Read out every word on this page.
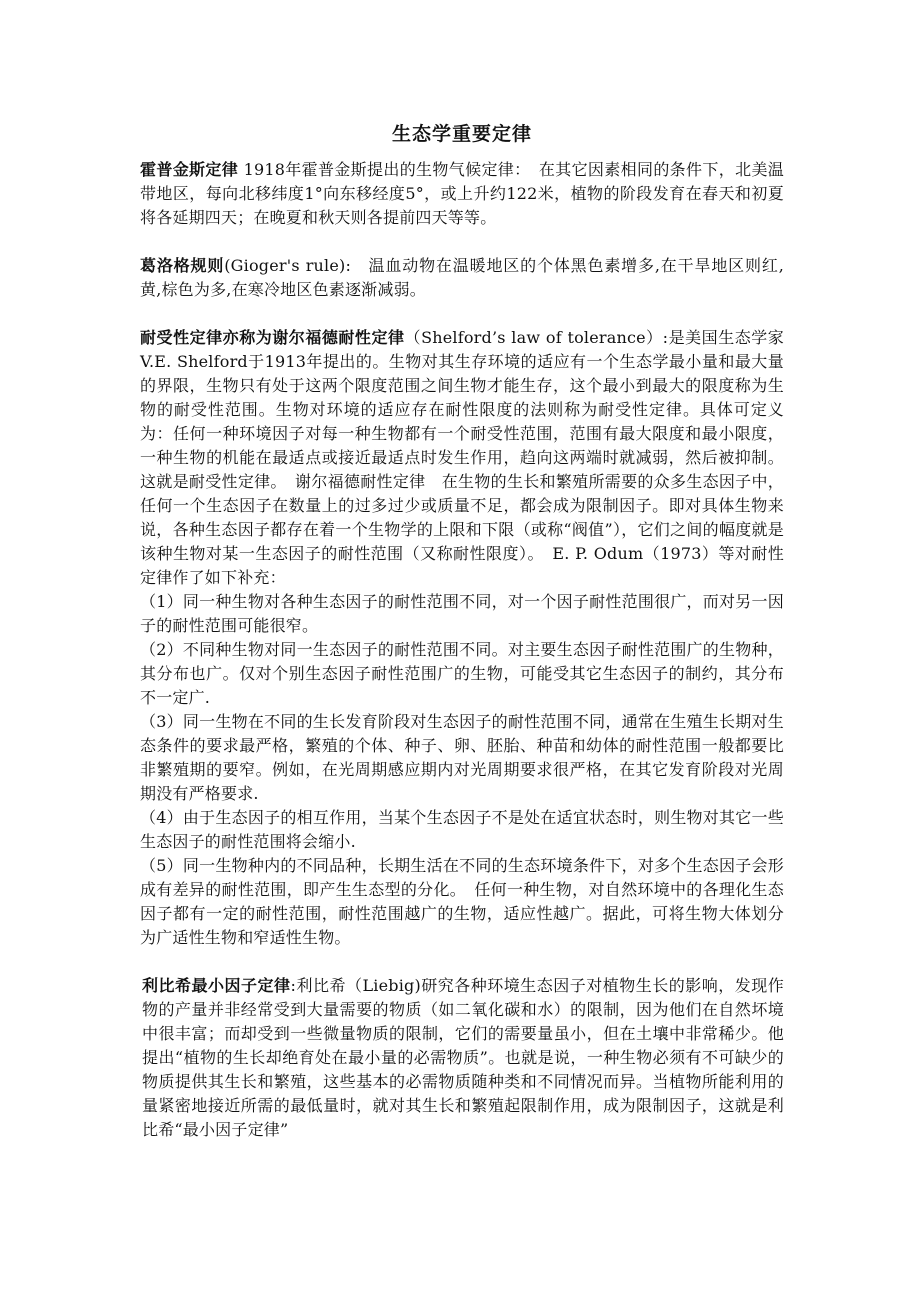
生态学重要定律

霍普金斯定律 1918年霍普金斯提出的生物气候定律：　在其它因素相同的条件下，北美温带地区，每向北移纬度1°向东移经度5°，或上升约122米，植物的阶段发育在春天和初夏将各延期四天；在晚夏和秋天则各提前四天等等。

葛洛格规则(Gioger's rule):　温血动物在温暖地区的个体黑色素增多,在干旱地区则红,黄,棕色为多,在寒冷地区色素逐渐减弱。

耐受性定律亦称为谢尔福德耐性定律（Shelford’s law of tolerance）:是美国生态学家V.E. Shelford于1913年提出的。生物对其生存环境的适应有一个生态学最小量和最大量的界限，生物只有处于这两个限度范围之间生物才能生存，这个最小到最大的限度称为生物的耐受性范围。生物对环境的适应存在耐性限度的法则称为耐受性定律。具体可定义为：任何一种环境因子对每一种生物都有一个耐受性范围，范围有最大限度和最小限度，一种生物的机能在最适点或接近最适点时发生作用，趋向这两端时就减弱，然后被抑制。这就是耐受性定律。　谢尔福德耐性定律　在生物的生长和繁殖所需要的众多生态因子中，任何一个生态因子在数量上的过多过少或质量不足，都会成为限制因子。即对具体生物来说，各种生态因子都存在着一个生物学的上限和下限（或称“阀值”），它们之间的幅度就是该种生物对某一生态因子的耐性范围（又称耐性限度）。　E. P. Odum（1973）等对耐性定律作了如下补充：
（1）同一种生物对各种生态因子的耐性范围不同，对一个因子耐性范围很广，而对另一因子的耐性范围可能很窄。
（2）不同种生物对同一生态因子的耐性范围不同。对主要生态因子耐性范围广的生物种，其分布也广。仅对个别生态因子耐性范围广的生物，可能受其它生态因子的制约，其分布不一定广.
（3）同一生物在不同的生长发育阶段对生态因子的耐性范围不同，通常在生殖生长期对生态条件的要求最严格，繁殖的个体、种子、卵、胚胎、种苗和幼体的耐性范围一般都要比非繁殖期的要窄。例如，在光周期感应期内对光周期要求很严格，在其它发育阶段对光周期没有严格要求.
（4）由于生态因子的相互作用，当某个生态因子不是处在适宜状态时，则生物对其它一些生态因子的耐性范围将会缩小.
（5）同一生物种内的不同品种，长期生活在不同的生态环境条件下，对多个生态因子会形成有差异的耐性范围，即产生生态型的分化。　任何一种生物，对自然环境中的各理化生态因子都有一定的耐性范围，耐性范围越广的生物，适应性越广。据此，可将生物大体划分为广适性生物和窄适性生物。

利比希最小因子定律:利比希（Liebig)研究各种环境生态因子对植物生长的影响，发现作物的产量并非经常受到大量需要的物质（如二氧化碳和水）的限制，因为他们在自然坏境中很丰富；而却受到一些微量物质的限制，它们的需要量虽小，但在土壤中非常稀少。他提出“植物的生长却绝育处在最小量的必需物质”。也就是说，一种生物必须有不可缺少的物质提供其生长和繁殖，这些基本的必需物质随种类和不同情况而异。当植物所能利用的量紧密地接近所需的最低量时，就对其生长和繁殖起限制作用，成为限制因子，这就是利比希“最小因子定律”
